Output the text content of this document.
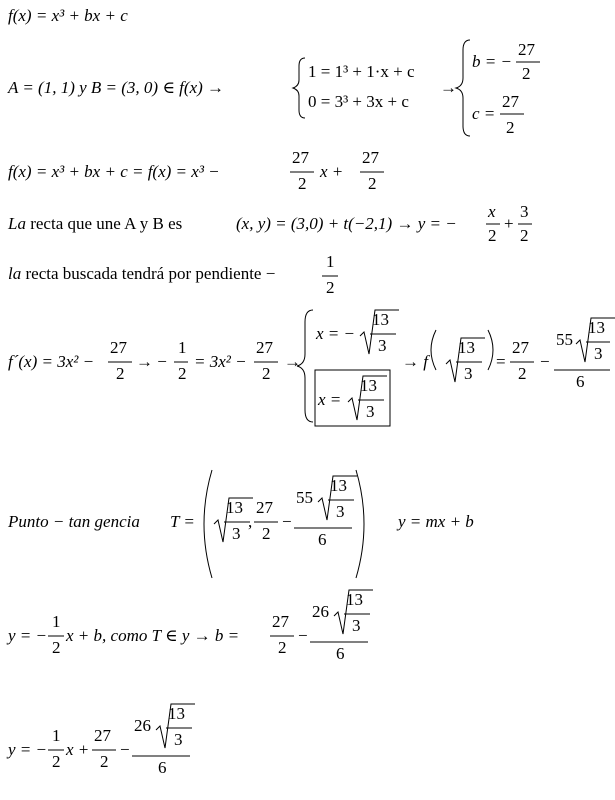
f(x) = x³ + bx + c
A = (1, 1) y B = (3, 0) ∈ f(x) →
1 = 1³ + 1·x + c
0 = 3³ + 3x + c
→
b = −
27
2
c =
27
2
f(x) = x³ + bx + c = f(x) = x³ −
27
2
x +
27
2
La recta que une A y B es	(x, y) = (3,0) + t(−2,1) → y = −
x
2
+
3
2
la recta buscada tendrá por pendiente −
1
2
f´(x) = 3x² −
27
2
→ −
1
2
= 3x² −
27
2
→
x = −
13
3
x =
13
3
→ f
13
3
=
27
2
−
55
13
3
6
Punto − tan gencia T =
13
3
,
27
2
−
55
13
3
6
y = mx + b
y = −
1
2
x + b, como T ∈ y → b =
27
2
−
26
13
3
6
y = −
1
2
x +
27
2
−
26
13
3
6
